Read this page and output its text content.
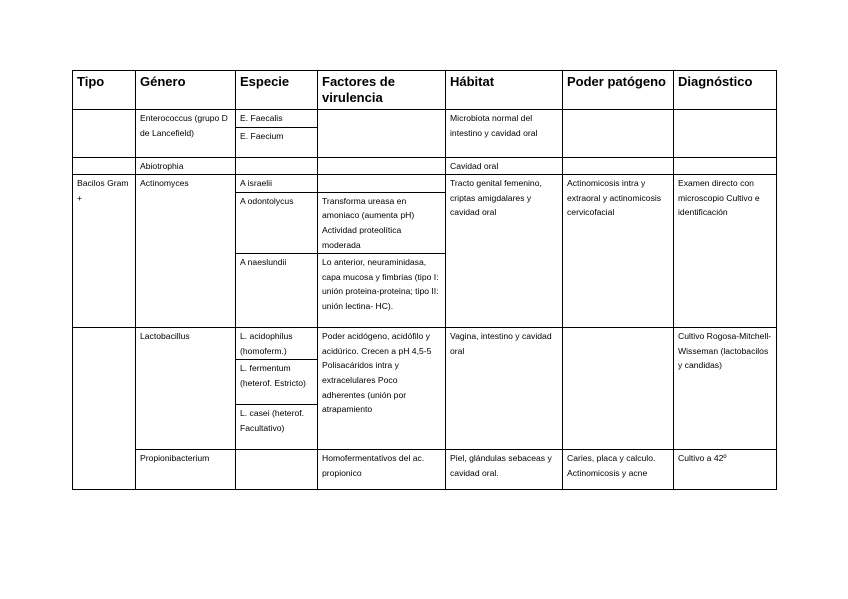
Tipo	Género	Especie	Factores de virulencia	Hábitat	Poder patógeno	Diagnóstico
	Enterococcus (grupo D de Lancefield)	E. Faecalis		Microbiota normal del intestino y cavidad oral		
		E. Faecium				
	Abiotrophia			Cavidad oral		
Bacilos Gram +	Actinomyces	A israelii		Tracto genital femenino, criptas amigdalares y cavidad oral	Actinomicosis intra y extraoral y actinomicosis cervicofacial	Examen directo con microscopio Cultivo e identificación
		A odontolycus	Transforma ureasa en amoniaco (aumenta pH) Actividad proteolítica moderada			
		A naeslundii	Lo anterior, neuraminidasa, capa mucosa y fimbrias (tipo I: unión proteina-proteina; tipo II: unión lectina- HC).			
	Lactobacillus	L. acidophilus (homoferm.)	Poder acidógeno, acidófilo y acidúrico. Crecen a pH 4,5-5 Polisacáridos intra y extracelulares Poco adherentes (unión por atrapamiento	Vagina, intestino y cavidad oral		Cultivo Rogosa-Mitchell-Wisseman (lactobacilos y candidas)
		L. fermentum (heterof. Estricto)				
		L. casei (heterof. Facultativo)				
	Propionibacterium		Homofermentativos del ac. propionico	Piel, glándulas sebaceas y cavidad oral.	Caries, placa y calculo. Actinomicosis y acne	Cultivo a 42º
